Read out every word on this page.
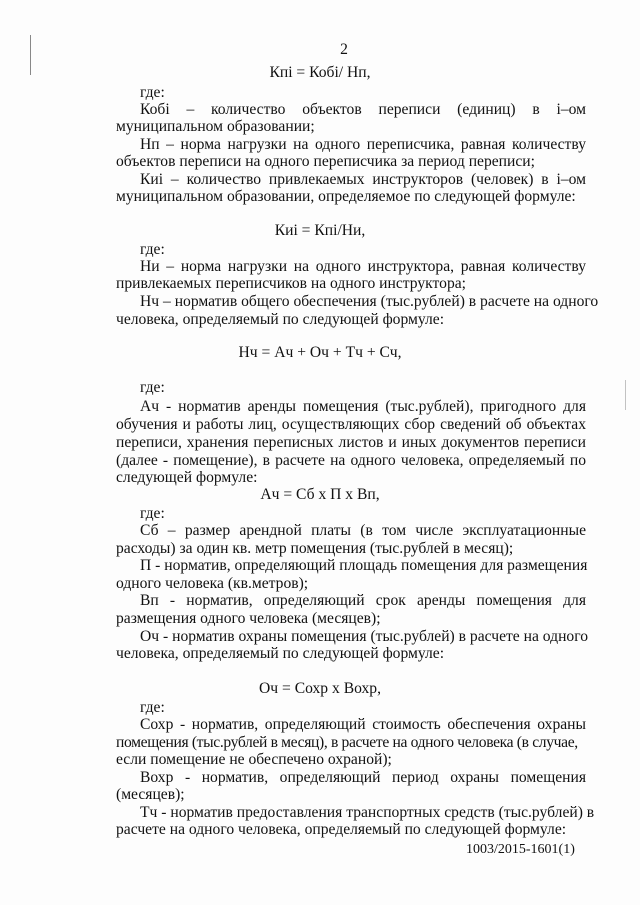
2
Кпi = Кобi/ Нп,
где:
Кобi – количество объектов переписи (единиц) в i–ом
муниципальном образовании;
Нп – норма нагрузки на одного переписчика, равная количеству
объектов переписи на одного переписчика за период переписи;
Киi – количество привлекаемых инструкторов (человек) в i–ом
муниципальном образовании, определяемое по следующей формуле:
Киi = Кпi/Ни,
где:
Ни – норма нагрузки на одного инструктора, равная количеству
привлекаемых переписчиков на одного инструктора;
Нч – норматив общего обеспечения (тыс.рублей) в расчете на одного
человека, определяемый по следующей формуле:
Нч = Ач + Оч + Тч + Сч,
где:
Ач - норматив аренды помещения (тыс.рублей), пригодного для
обучения и работы лиц, осуществляющих сбор сведений об объектах
переписи, хранения переписных листов и иных документов переписи
(далее - помещение), в расчете на одного человека, определяемый по
следующей формуле:
Ач = Сб х П х Вп,
где:
Сб – размер арендной платы (в том числе эксплуатационные
расходы) за один кв. метр помещения (тыс.рублей в месяц);
П - норматив, определяющий площадь помещения для размещения
одного человека (кв.метров);
Вп - норматив, определяющий срок аренды помещения для
размещения одного человека (месяцев);
Оч - норматив охраны помещения (тыс.рублей) в расчете на одного
человека, определяемый по следующей формуле:
Оч = Сохр х Вохр,
где:
Сохр - норматив, определяющий стоимость обеспечения охраны
помещения (тыс.рублей в месяц), в расчете на одного человека (в случае,
если помещение не обеспечено охраной);
Вохр - норматив, определяющий период охраны помещения
(месяцев);
Тч - норматив предоставления транспортных средств (тыс.рублей) в
расчете на одного человека, определяемый по следующей формуле:
1003/2015-1601(1)
